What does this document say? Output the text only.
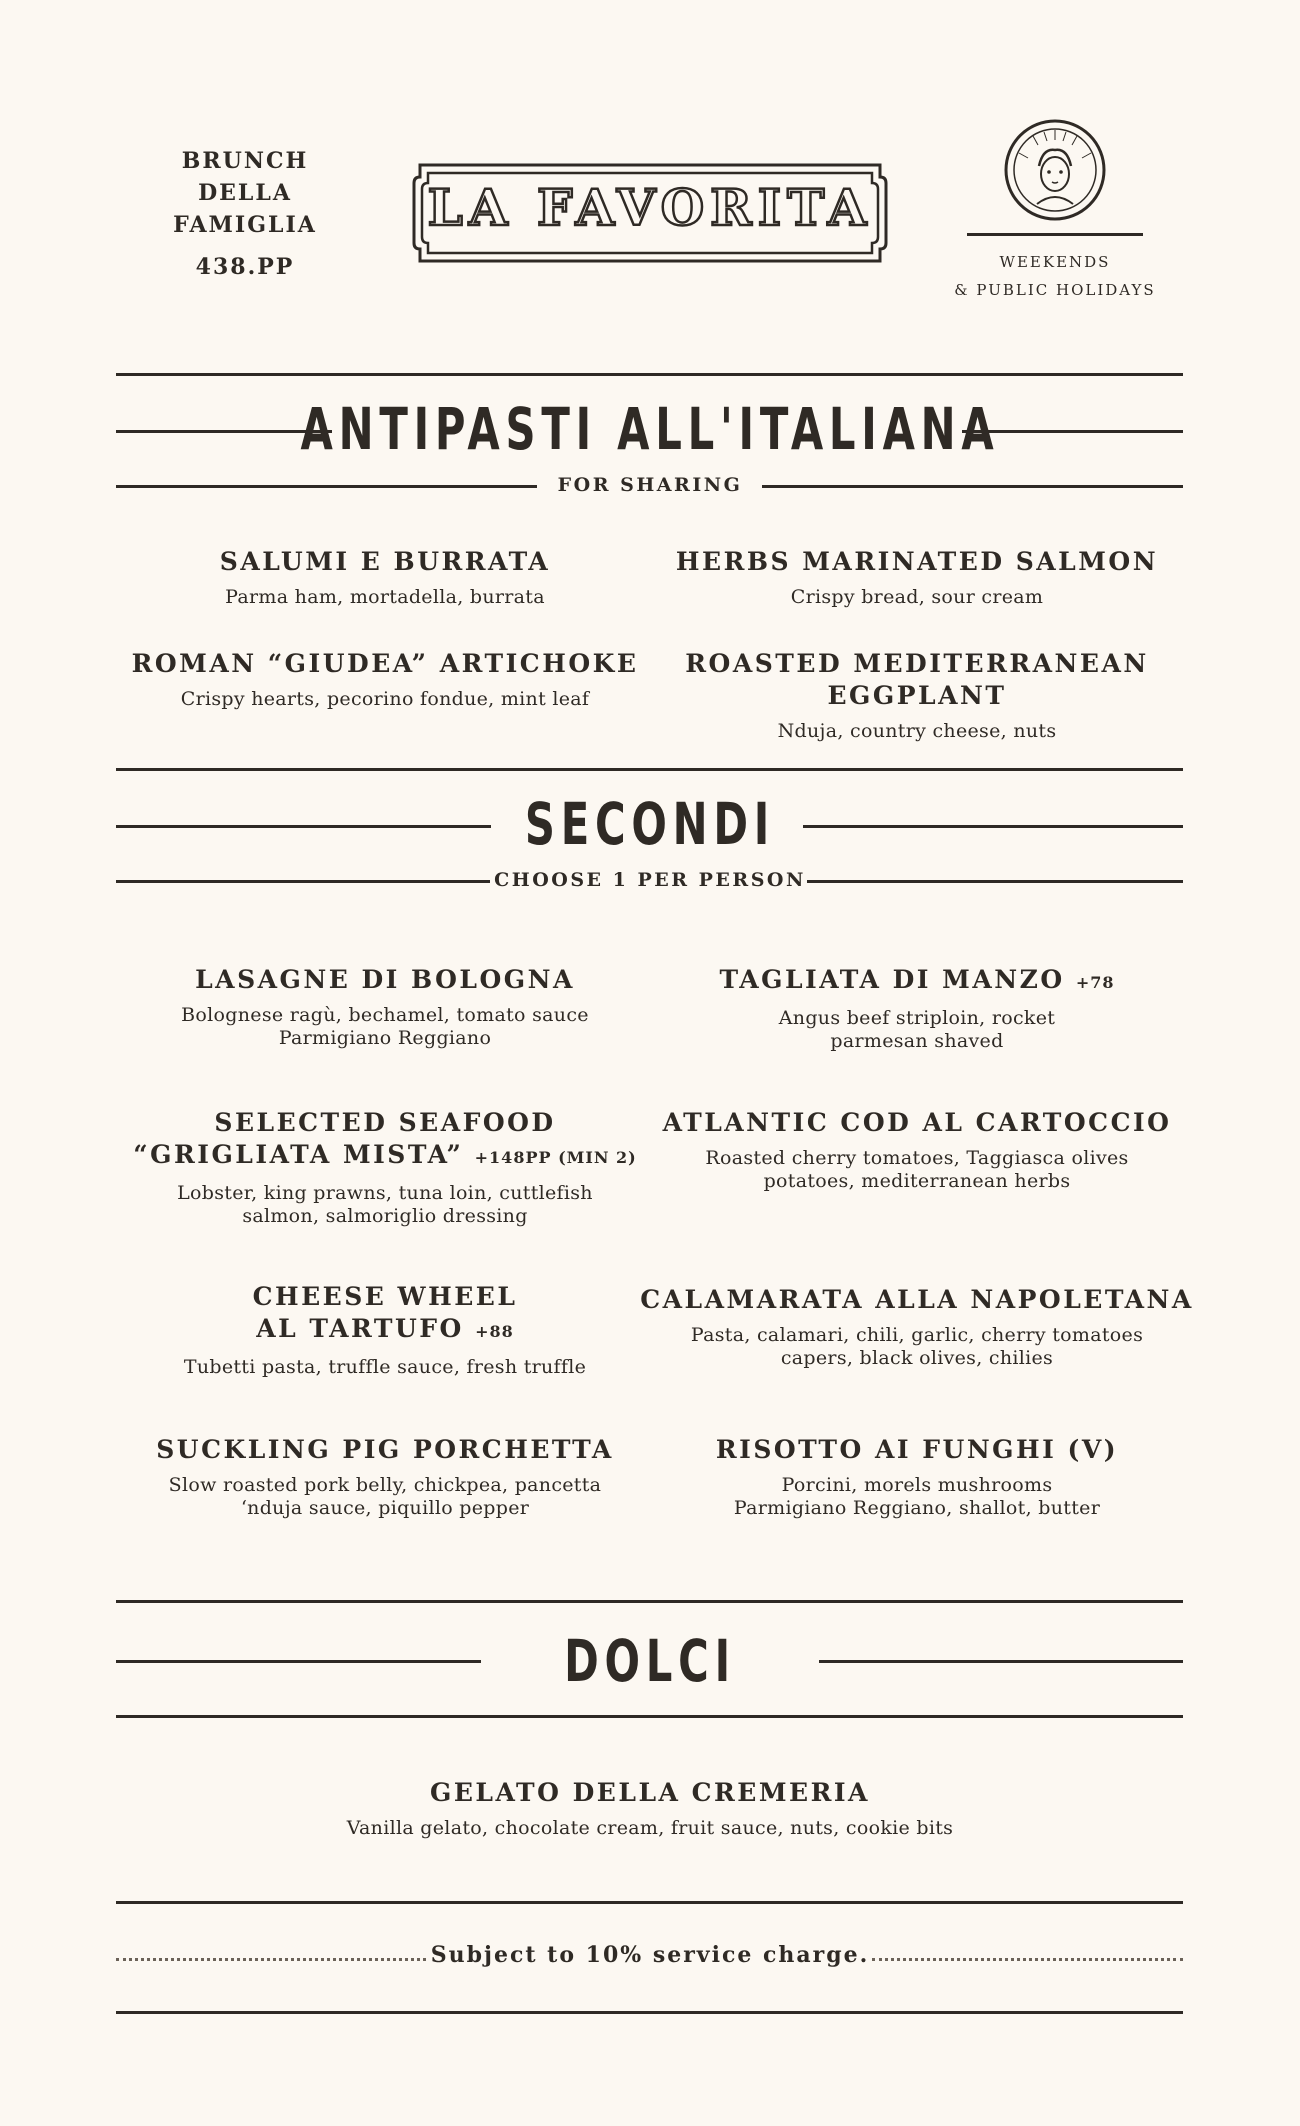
BRUNCH
DELLA
FAMIGLIA

438.PP
LA FAVORITA
WEEKENDS
& PUBLIC HOLIDAYS
ANTIPASTI ALL'ITALIANA
FOR SHARING
SALUMI E BURRATA
Parma ham, mortadella, burrata
HERBS MARINATED SALMON
Crispy bread, sour cream
ROMAN “GIUDEA” ARTICHOKE
Crispy hearts, pecorino fondue, mint leaf
ROASTED MEDITERRANEAN EGGPLANT
Nduja, country cheese, nuts
SECONDI
CHOOSE 1 PER PERSON
LASAGNE DI BOLOGNA
Bolognese ragù, bechamel, tomato sauce
Parmigiano Reggiano
TAGLIATA DI MANZO +78
Angus beef striploin, rocket
parmesan shaved
SELECTED SEAFOOD
“GRIGLIATA MISTA” +148PP (MIN 2)
Lobster, king prawns, tuna loin, cuttlefish
salmon, salmoriglio dressing
ATLANTIC COD AL CARTOCCIO
Roasted cherry tomatoes, Taggiasca olives
potatoes, mediterranean herbs
CHEESE WHEEL
AL TARTUFO +88
Tubetti pasta, truffle sauce, fresh truffle
CALAMARATA ALLA NAPOLETANA
Pasta, calamari, chili, garlic, cherry tomatoes
capers, black olives, chilies
SUCKLING PIG PORCHETTA
Slow roasted pork belly, chickpea, pancetta
‘nduja sauce, piquillo pepper
RISOTTO AI FUNGHI (V)
Porcini, morels mushrooms
Parmigiano Reggiano, shallot, butter
DOLCI
GELATO DELLA CREMERIA
Vanilla gelato, chocolate cream, fruit sauce, nuts, cookie bits
Subject to 10% service charge.
